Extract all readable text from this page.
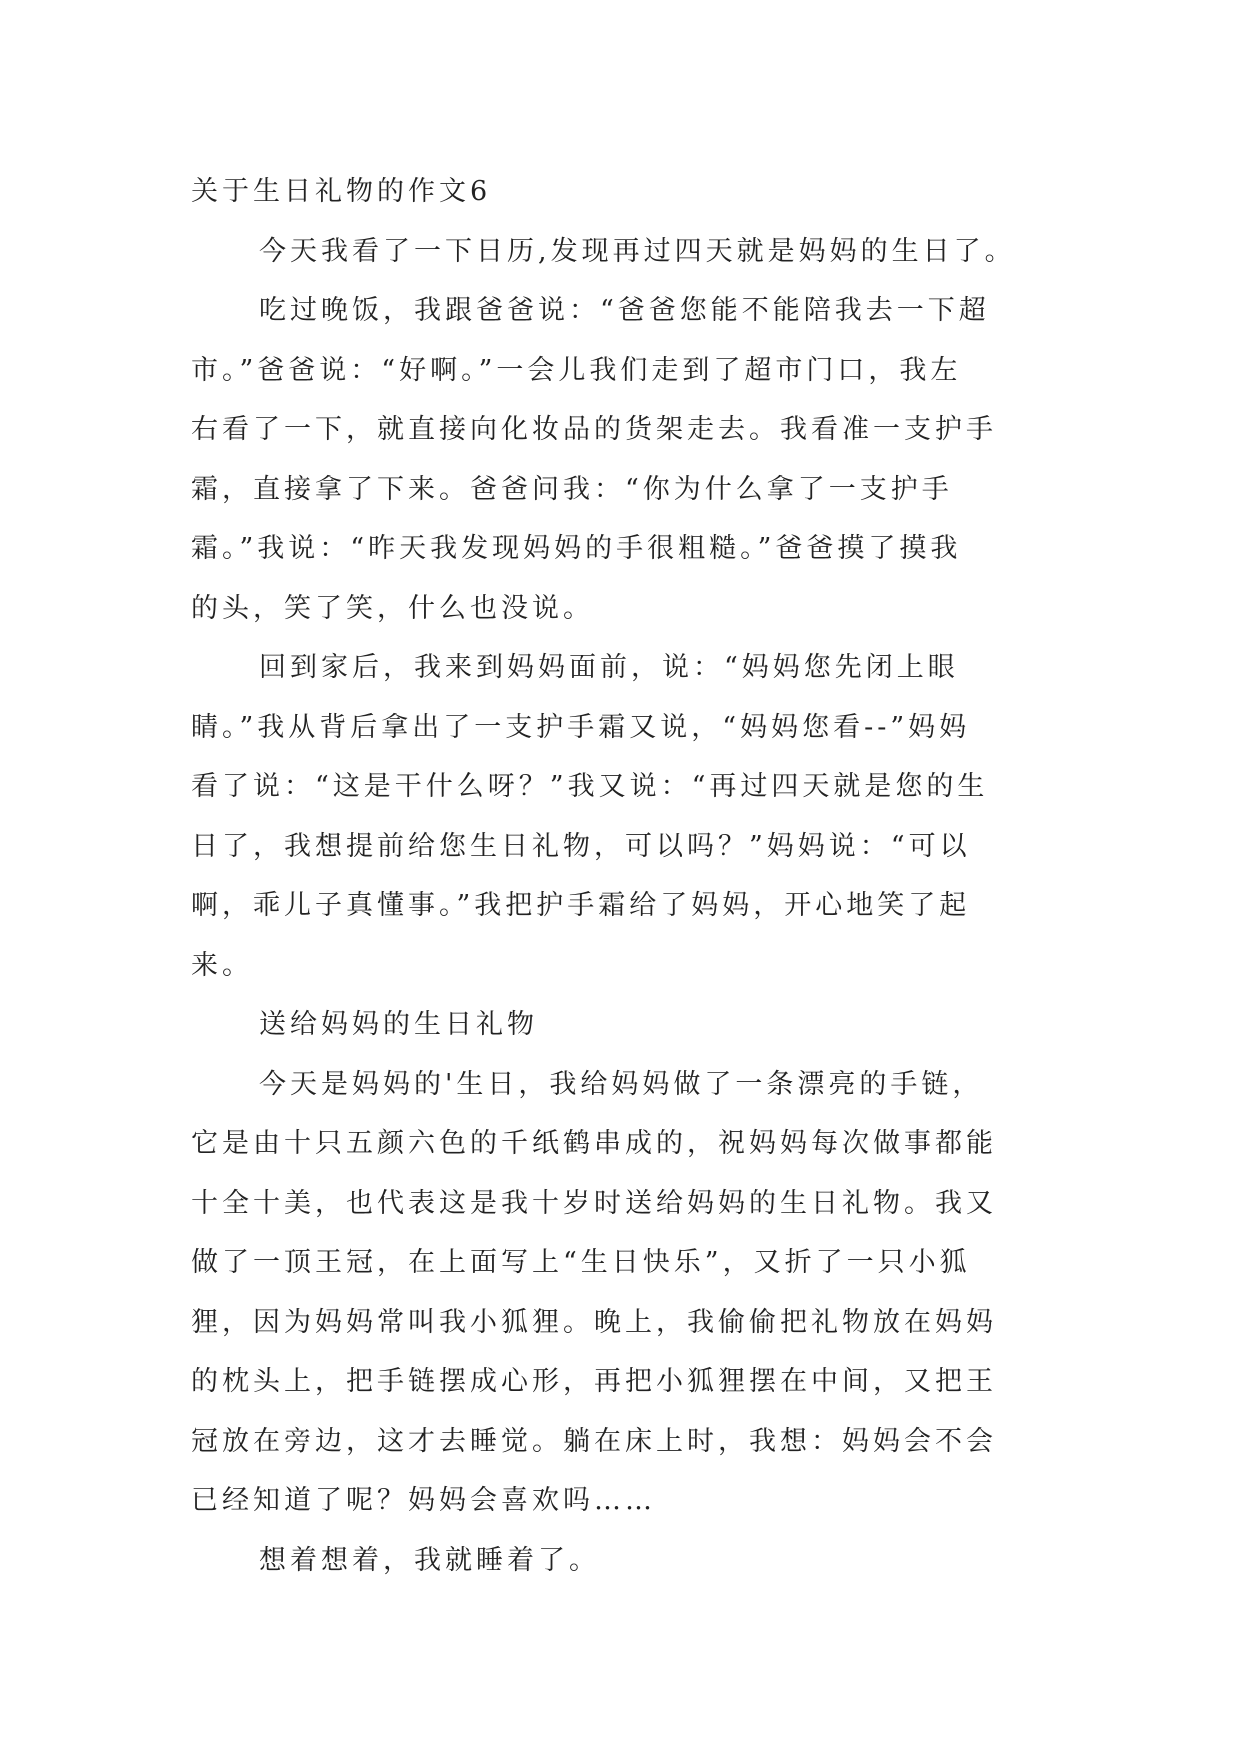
关于生日礼物的作文6
今天我看了一下日历,发现再过四天就是妈妈的生日了。
吃过晚饭，我跟爸爸说：“爸爸您能不能陪我去一下超
市。”爸爸说：“好啊。”一会儿我们走到了超市门口，我左
右看了一下，就直接向化妆品的货架走去。我看准一支护手
霜，直接拿了下来。爸爸问我：“你为什么拿了一支护手
霜。”我说：“昨天我发现妈妈的手很粗糙。”爸爸摸了摸我
的头，笑了笑，什么也没说。
回到家后，我来到妈妈面前，说：“妈妈您先闭上眼
睛。”我从背后拿出了一支护手霜又说，“妈妈您看--”妈妈
看了说：“这是干什么呀？”我又说：“再过四天就是您的生
日了，我想提前给您生日礼物，可以吗？”妈妈说：“可以
啊，乖儿子真懂事。”我把护手霜给了妈妈，开心地笑了起
来。
送给妈妈的生日礼物
今天是妈妈的'生日，我给妈妈做了一条漂亮的手链，
它是由十只五颜六色的千纸鹤串成的，祝妈妈每次做事都能
十全十美，也代表这是我十岁时送给妈妈的生日礼物。我又
做了一顶王冠，在上面写上“生日快乐”，又折了一只小狐
狸，因为妈妈常叫我小狐狸。晚上，我偷偷把礼物放在妈妈
的枕头上，把手链摆成心形，再把小狐狸摆在中间，又把王
冠放在旁边，这才去睡觉。躺在床上时，我想：妈妈会不会
已经知道了呢？妈妈会喜欢吗……
想着想着，我就睡着了。
